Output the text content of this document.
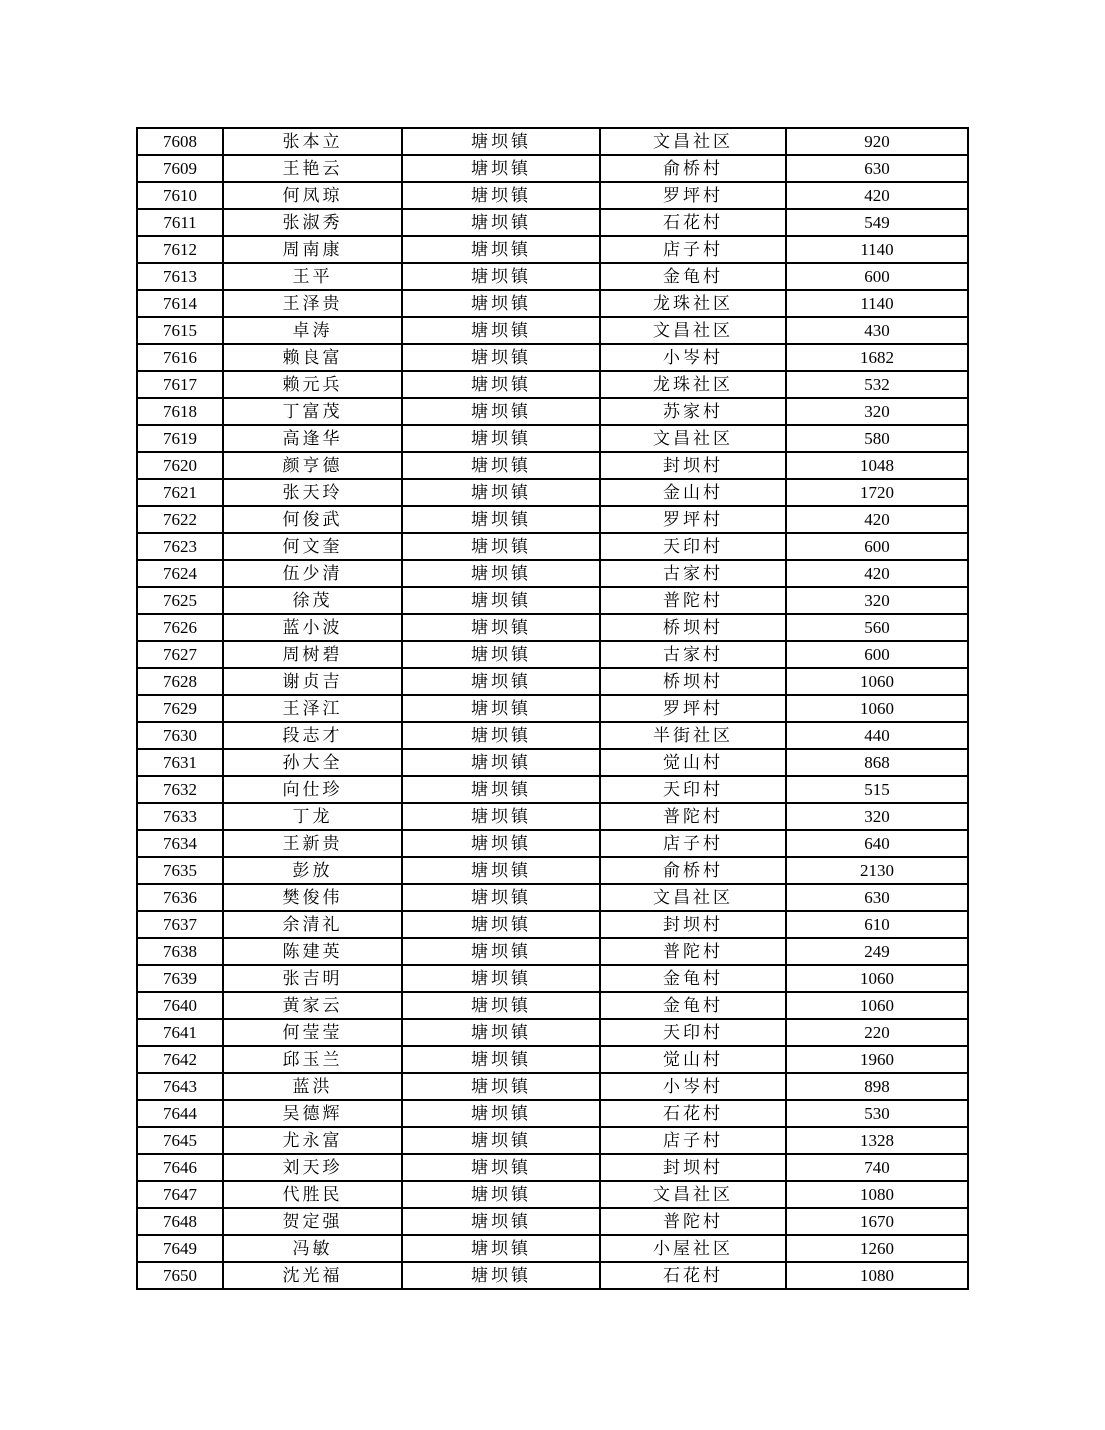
7608	张本立	塘坝镇	文昌社区	920
7609	王艳云	塘坝镇	俞桥村	630
7610	何凤琼	塘坝镇	罗坪村	420
7611	张淑秀	塘坝镇	石花村	549
7612	周南康	塘坝镇	店子村	1140
7613	王平	塘坝镇	金龟村	600
7614	王泽贵	塘坝镇	龙珠社区	1140
7615	卓涛	塘坝镇	文昌社区	430
7616	赖良富	塘坝镇	小岑村	1682
7617	赖元兵	塘坝镇	龙珠社区	532
7618	丁富茂	塘坝镇	苏家村	320
7619	高逢华	塘坝镇	文昌社区	580
7620	颜亨德	塘坝镇	封坝村	1048
7621	张天玲	塘坝镇	金山村	1720
7622	何俊武	塘坝镇	罗坪村	420
7623	何文奎	塘坝镇	天印村	600
7624	伍少清	塘坝镇	古家村	420
7625	徐茂	塘坝镇	普陀村	320
7626	蓝小波	塘坝镇	桥坝村	560
7627	周树碧	塘坝镇	古家村	600
7628	谢贞吉	塘坝镇	桥坝村	1060
7629	王泽江	塘坝镇	罗坪村	1060
7630	段志才	塘坝镇	半街社区	440
7631	孙大全	塘坝镇	觉山村	868
7632	向仕珍	塘坝镇	天印村	515
7633	丁龙	塘坝镇	普陀村	320
7634	王新贵	塘坝镇	店子村	640
7635	彭放	塘坝镇	俞桥村	2130
7636	樊俊伟	塘坝镇	文昌社区	630
7637	余清礼	塘坝镇	封坝村	610
7638	陈建英	塘坝镇	普陀村	249
7639	张吉明	塘坝镇	金龟村	1060
7640	黄家云	塘坝镇	金龟村	1060
7641	何莹莹	塘坝镇	天印村	220
7642	邱玉兰	塘坝镇	觉山村	1960
7643	蓝洪	塘坝镇	小岑村	898
7644	吴德辉	塘坝镇	石花村	530
7645	尤永富	塘坝镇	店子村	1328
7646	刘天珍	塘坝镇	封坝村	740
7647	代胜民	塘坝镇	文昌社区	1080
7648	贺定强	塘坝镇	普陀村	1670
7649	冯敏	塘坝镇	小屋社区	1260
7650	沈光福	塘坝镇	石花村	1080
